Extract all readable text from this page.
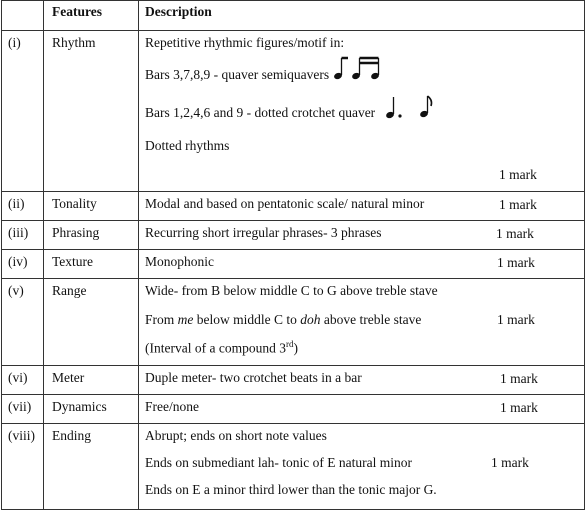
	Features	Description

(i)	Rhythm	Repetitive rhythmic figures/motif in:
Bars 3,7,8,9 - quaver semiquavers
Bars 1,2,4,6 and 9 - dotted crotchet quaver
Dotted rhythms
1 mark

(ii)	Tonality	Modal and based on pentatonic scale/ natural minor 1 mark

(iii)	Phrasing	Recurring short irregular phrases- 3 phrases 1 mark

(iv)	Texture	Monophonic 1 mark

(v)	Range	Wide- from B below middle C to G above treble stave
From me below middle C to doh above treble stave
(Interval of a compound 3rd)
1 mark

(vi)	Meter	Duple meter- two crotchet beats in a bar 1 mark

(vii)	Dynamics	Free/none 1 mark

(viii)	Ending	Abrupt; ends on short note values
Ends on submediant lah- tonic of E natural minor
Ends on E a minor third lower than the tonic major G.
1 mark
